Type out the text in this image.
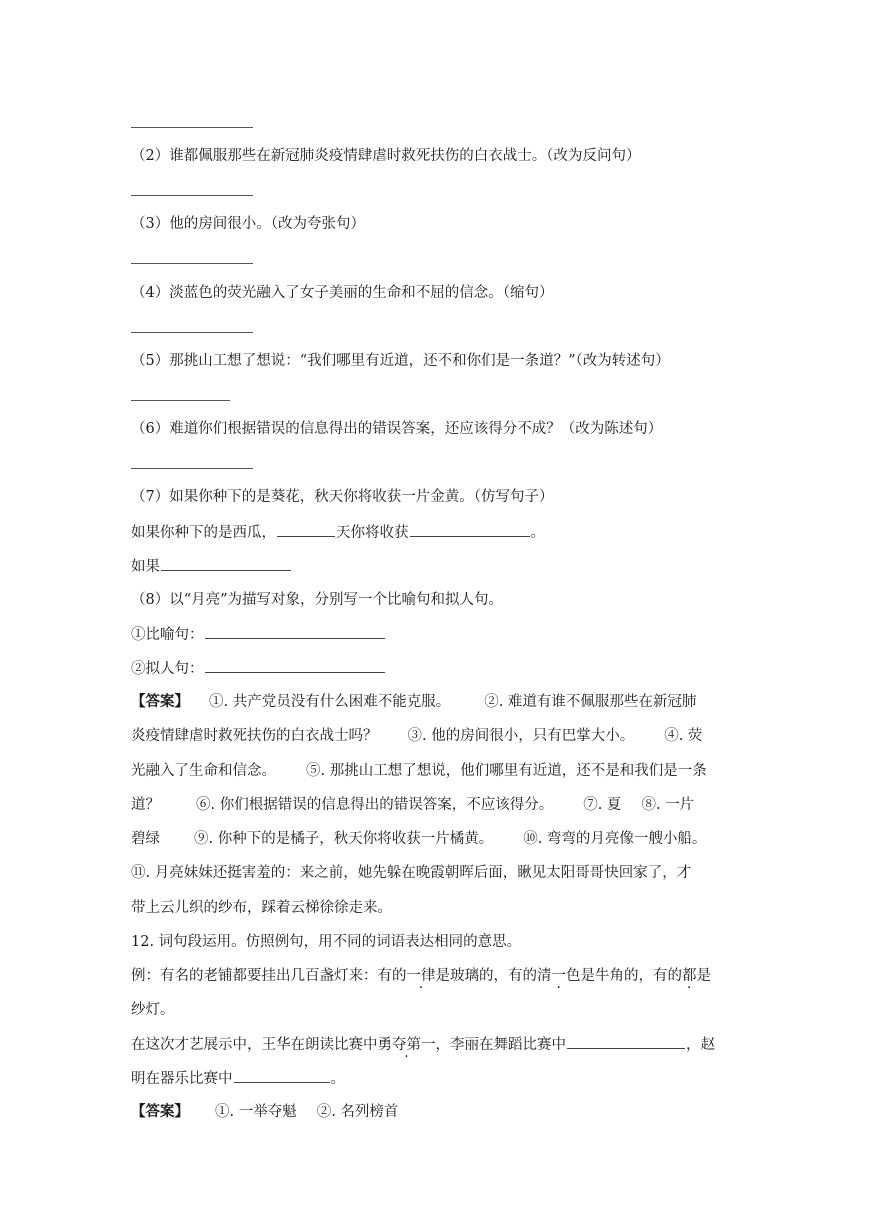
（2）谁都佩服那些在新冠肺炎疫情肆虐时救死扶伤的白衣战士。（改为反问句）
（3）他的房间很小。（改为夸张句）
（4）淡蓝色的荧光融入了女子美丽的生命和不屈的信念。（缩句）
（5）那挑山工想了想说：“我们哪里有近道，还不和你们是一条道？”（改为转述句）
（6）难道你们根据错误的信息得出的错误答案，还应该得分不成？（改为陈述句）
（7）如果你种下的是葵花，秋天你将收获一片金黄。（仿写句子）
如果你种下的是西瓜，	天你将收获	。
如果
（8）以“月亮”为描写对象，分别写一个比喻句和拟人句。
①比喻句：
②拟人句：
【答案】 ①. 共产党员没有什么困难不能克服。 ②. 难道有谁不佩服那些在新冠肺
炎疫情肆虐时救死扶伤的白衣战士吗？ ③. 他的房间很小，只有巴掌大小。 ④. 荧
光融入了生命和信念。 ⑤. 那挑山工想了想说，他们哪里有近道，还不是和我们是一条
道？ ⑥. 你们根据错误的信息得出的错误答案，不应该得分。 ⑦. 夏 ⑧. 一片
碧绿 ⑨. 你种下的是橘子，秋天你将收获一片橘黄。 ⑩. 弯弯的月亮像一艘小船。
⑪. 月亮妹妹还挺害羞的：来之前，她先躲在晚霞朝晖后面，瞅见太阳哥哥快回家了，才
带上云儿织的纱布，踩着云梯徐徐走来。
12. 词句段运用。仿照例句，用不同的词语表达相同的意思。
例：有名的老铺都要挂出几百盏灯来：有的一律是玻璃的，有的清一色是牛角的，有的都是
纱灯。
在这次才艺展示中，王华在朗读比赛中勇夺第一，李丽在舞蹈比赛中	，赵
明在器乐比赛中	。
【答案】 ①. 一举夺魁 ②. 名列榜首
